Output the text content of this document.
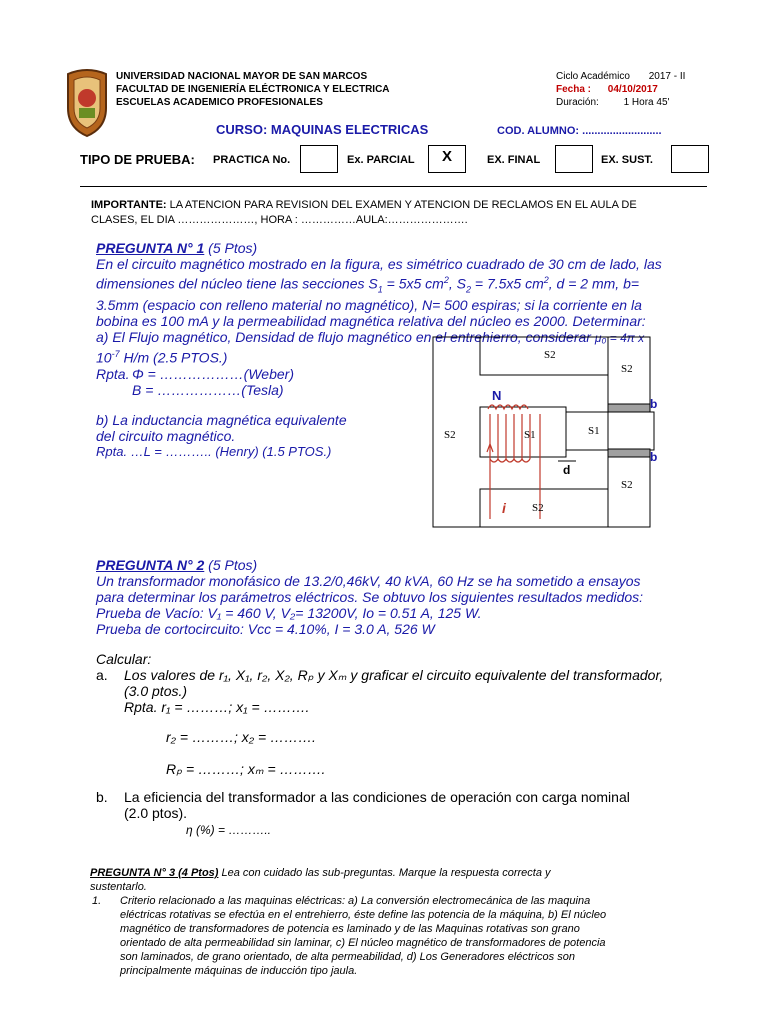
UNIVERSIDAD NACIONAL MAYOR DE SAN MARCOS
FACULTAD DE INGENIERÍA ELÉCTRONICA Y ELECTRICA
ESCUELAS ACADEMICO PROFESIONALES
Ciclo Académico 2017 - II
Fecha : 04/10/2017
Duración: 1 Hora 45'
CURSO: MAQUINAS ELECTRICAS	COD. ALUMNO: ..........................
TIPO DE PRUEBA: PRACTICA No.	Ex. PARCIAL	X	EX. FINAL	EX. SUST.
IMPORTANTE: LA ATENCION PARA REVISION DEL EXAMEN Y ATENCION DE RECLAMOS EN EL AULA DE
CLASES, EL DIA …………………, HORA : ……………AULA:………………….
PREGUNTA N° 1 (5 Ptos)
En el circuito magnético mostrado en la figura, es simétrico cuadrado de 30 cm de lado, las
dimensiones del núcleo tiene las secciones $S_1 = 5x5$ $cm^2$, $S_2 = 7.5x5$ $cm^2$, d = 2 mm, b=
3.5mm (espacio con relleno material no magnético), N= 500 espiras; si la corriente en la
bobina es 100 mA y la permeabilidad magnética relativa del núcleo es 2000. Determinar:
a) El Flujo magnético, Densidad de flujo magnético en el entrehierro, considerar μ₀ = 4π x
$10^{-7}$ H/m (2.5 PTOS.)
Rpta. Φ = ………………(Weber)
B = ………………(Tesla)
b) La inductancia magnética equivalente
del circuito magnético.
Rpta. …L = ……….. (Henry) (1.5 PTOS.)
S2
S2
S2	S1	S1
S2
S2
N
i
b
b
d
PREGUNTA N° 2 (5 Ptos)
Un transformador monofásico de 13.2/0,46kV, 40 kVA, 60 Hz se ha sometido a ensayos
para determinar los parámetros eléctricos. Se obtuvo los siguientes resultados medidos:
Prueba de Vacío: V₁ = 460 V, V₂= 13200V, Io = 0.51 A, 125 W.
Prueba de cortocircuito: Vcc = 4.10%, I = 3.0 A, 526 W
Calcular:
a. Los valores de r₁, X₁, r₂, X₂, Rₚ y Xₘ y graficar el circuito equivalente del transformador,
(3.0 ptos.)
Rpta. r₁ = ………; x₁ = ……….
r₂ = ………; x₂ = ……….
Rₚ = ………; xₘ = ……….
b. La eficiencia del transformador a las condiciones de operación con carga nominal
(2.0 ptos).
η (%) = ………..
PREGUNTA N° 3 (4 Ptos) Lea con cuidado las sub-preguntas. Marque la respuesta correcta y
sustentarlo.
1. Criterio relacionado a las maquinas eléctricas: a) La conversión electromecánica de las maquina
eléctricas rotativas se efectúa en el entrehierro, éste define las potencia de la máquina, b) El núcleo
magnético de transformadores de potencia es laminado y de las Maquinas rotativas son grano
orientado de alta permeabilidad sin laminar, c) El núcleo magnético de transformadores de potencia
son laminados, de grano orientado, de alta permeabilidad, d) Los Generadores eléctricos son
principalmente máquinas de inducción tipo jaula.
